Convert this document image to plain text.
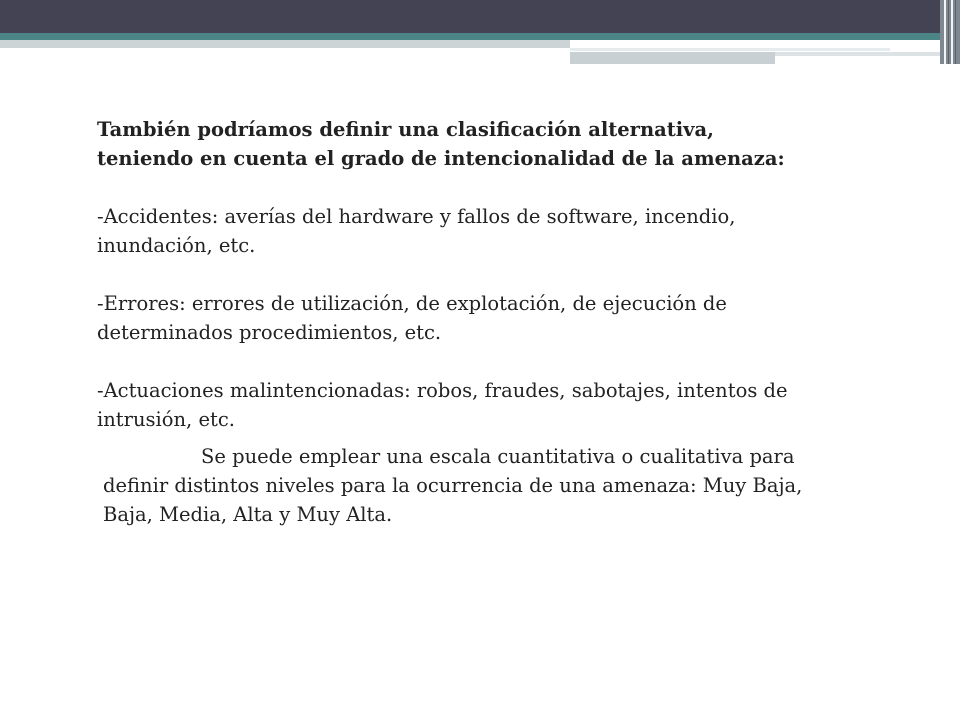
También podríamos definir una clasificación alternativa,

teniendo en cuenta el grado de intencionalidad de la amenaza:

-Accidentes: averías del hardware y fallos de software, incendio,

inundación, etc.

-Errores: errores de utilización, de explotación, de ejecución de

determinados procedimientos, etc.

-Actuaciones malintencionadas: robos, fraudes, sabotajes, intentos de

intrusión, etc.

Se puede emplear una escala cuantitativa o cualitativa para

definir distintos niveles para la ocurrencia de una amenaza: Muy Baja,

Baja, Media, Alta y Muy Alta.
